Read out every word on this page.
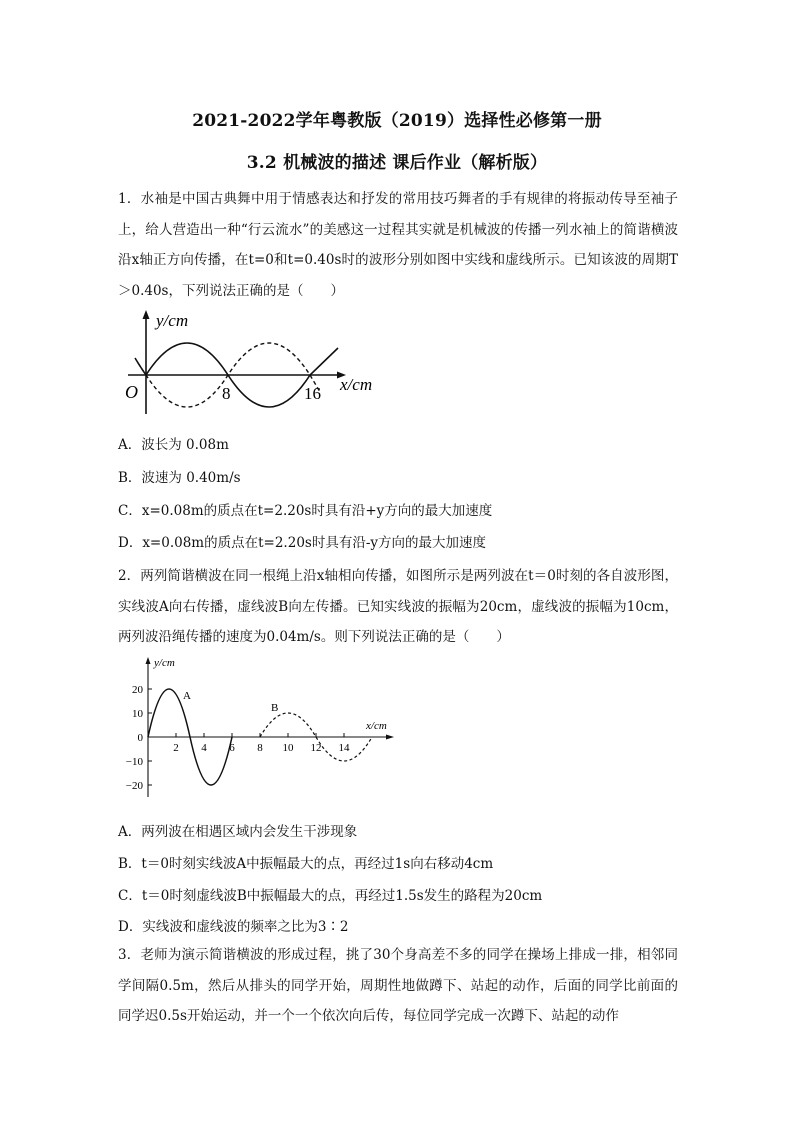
2021-2022学年粤教版（2019）选择性必修第一册
3.2 机械波的描述 课后作业（解析版）
1．水袖是中国古典舞中用于情感表达和抒发的常用技巧舞者的手有规律的将振动传导至袖子上，给人营造出一种“行云流水”的美感这一过程其实就是机械波的传播一列水袖上的简谐横波沿x轴正方向传播，在t=0和t=0.40s时的波形分别如图中实线和虚线所示。已知该波的周期T＞0.40s，下列说法正确的是（　　）
y/cm
O	8	16 x/cm
A．波长为 0.08m
B．波速为 0.40m/s
C．x=0.08m的质点在t=2.20s时具有沿+y方向的最大加速度
D．x=0.08m的质点在t=2.20s时具有沿-y方向的最大加速度
2．两列简谐横波在同一根绳上沿x轴相向传播，如图所示是两列波在t＝0时刻的各自波形图，实线波A向右传播，虚线波B向左传播。已知实线波的振幅为20cm，虚线波的振幅为10cm，两列波沿绳传播的速度为0.04m/s。则下列说法正确的是（　　）
y/cm
x/cm
20
10
0
−10
−20
2 4 6 8 10 12 14
A
B
A．两列波在相遇区域内会发生干涉现象
B．t＝0时刻实线波A中振幅最大的点，再经过1s向右移动4cm
C．t＝0时刻虚线波B中振幅最大的点，再经过1.5s发生的路程为20cm
D．实线波和虚线波的频率之比为3∶2
3．老师为演示简谐横波的形成过程，挑了30个身高差不多的同学在操场上排成一排，相邻同学间隔0.5m，然后从排头的同学开始，周期性地做蹲下、站起的动作，后面的同学比前面的同学迟0.5s开始运动，并一个一个依次向后传，每位同学完成一次蹲下、站起的动作
